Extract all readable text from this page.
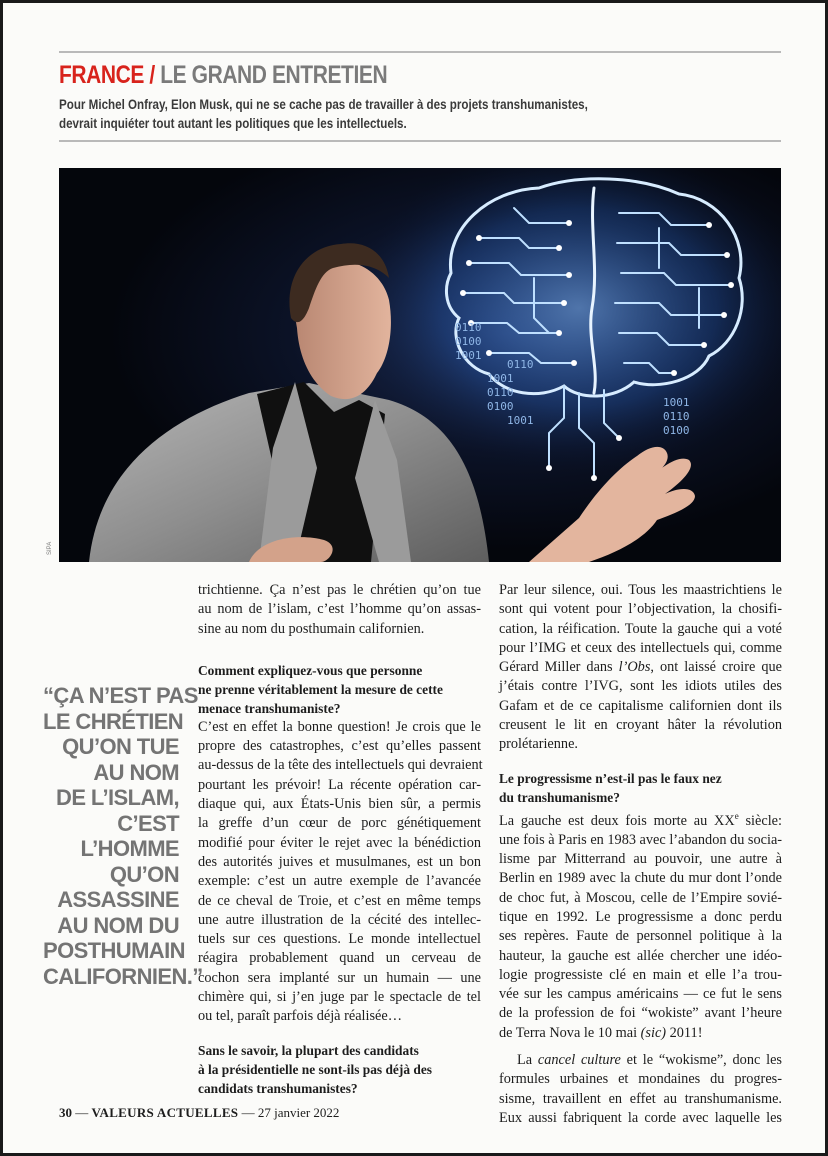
FRANCE / LE GRAND ENTRETIEN
Pour Michel Onfray, Elon Musk, qui ne se cache pas de travailler à des projets transhumanistes,
devrait inquiéter tout autant les politiques que les intellectuels.
0110
0100
1001
0110
1001
0110
0100	1001
0110
0100
1001
SIPA
“ÇA N’EST PAS
LE CHRÉTIEN
QU’ON TUE
AU NOM
DE L’ISLAM,
C’EST
L’HOMME
QU’ON
ASSASSINE
AU NOM DU
POSTHUMAIN
CALIFORNIEN.”

trichtienne. Ça n’est pas le chrétien qu’on tue
au nom de l’islam, c’est l’homme qu’on assas-
sine au nom du posthumain californien.

Comment expliquez-vous que personne
ne prenne véritablement la mesure de cette
menace transhumaniste?

C’est en effet la bonne question! Je crois que le
propre des catastrophes, c’est qu’elles passent
au-dessus de la tête des intellectuels qui devraient
pourtant les prévoir! La récente opération car-
diaque qui, aux États-Unis bien sûr, a permis
la greffe d’un cœur de porc génétiquement
modifié pour éviter le rejet avec la bénédiction
des autorités juives et musulmanes, est un bon
exemple: c’est un autre exemple de l’avancée
de ce cheval de Troie, et c’est en même temps
une autre illustration de la cécité des intellec-
tuels sur ces questions. Le monde intellectuel
réagira probablement quand un cerveau de
cochon sera implanté sur un humain — une
chimère qui, si j’en juge par le spectacle de tel
ou tel, paraît parfois déjà réalisée…

Sans le savoir, la plupart des candidats
à la présidentielle ne sont-ils pas déjà des
candidats transhumanistes?

Par leur silence, oui. Tous les maastrichtiens le
sont qui votent pour l’objectivation, la chosifi-
cation, la réification. Toute la gauche qui a voté
pour l’IMG et ceux des intellectuels qui, comme
Gérard Miller dans l’Obs, ont laissé croire que
j’étais contre l’IVG, sont les idiots utiles des
Gafam et de ce capitalisme californien dont ils
creusent le lit en croyant hâter la révolution
prolétarienne.

Le progressisme n’est-il pas le faux nez
du transhumanisme?

La gauche est deux fois morte au XXe siècle:
une fois à Paris en 1983 avec l’abandon du socia-
lisme par Mitterrand au pouvoir, une autre à
Berlin en 1989 avec la chute du mur dont l’onde
de choc fut, à Moscou, celle de l’Empire sovié-
tique en 1992. Le progressisme a donc perdu
ses repères. Faute de personnel politique à la
hauteur, la gauche est allée chercher une idéo-
logie progressiste clé en main et elle l’a trou-
vée sur les campus américains — ce fut le sens
de la profession de foi “wokiste” avant l’heure
de Terra Nova le 10 mai (sic) 2011!

La cancel culture et le “wokisme”, donc les
formules urbaines et mondaines du progres-
sisme, travaillent en effet au transhumanisme.
Eux aussi fabriquent la corde avec laquelle les

30 — VALEURS ACTUELLES — 27 janvier 2022
